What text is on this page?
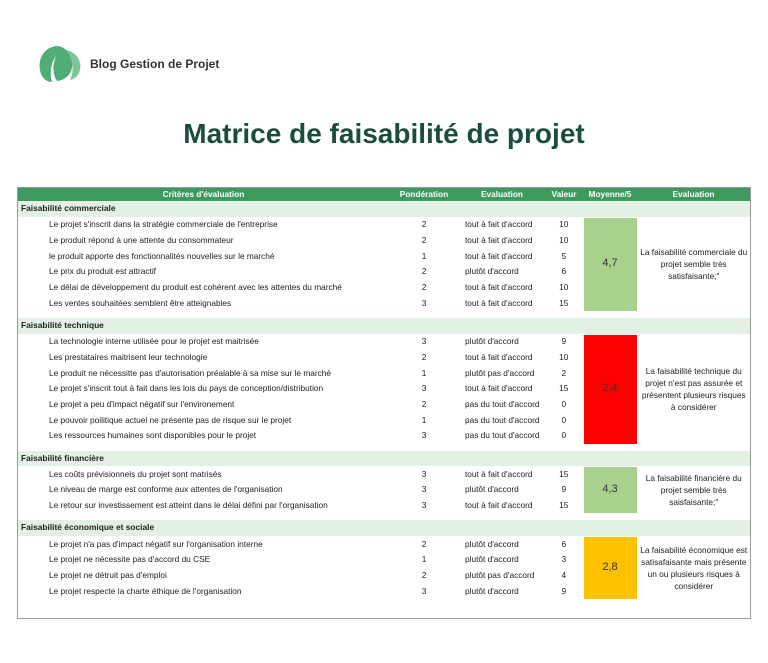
Blog Gestion de Projet
Matrice de faisabilité de projet
Critères d'évaluation	Pondération	Evaluation	Valeur	Moyenne/5	Evaluation
Faisabilité commerciale					
Le projet s'inscrit dans la stratégie commerciale de l'entreprise	2	tout à fait d'accord	10	4,7	La faisabilité commerciale du projet semble très satisfaisante;"
Le produit répond à une attente du consommateur	2	tout à fait d'accord	10		
le produit apporte des fonctionnalités nouvelles sur le marché	1	tout à fait d'accord	5		
Le prix du produit est attractif	2	plutôt d'accord	6		
Le délai de développement du produit est cohérent avec les attentes du marché	2	tout à fait d'accord	10		
Les ventes souhaitées semblent être atteignables	3	tout à fait d'accord	15		

Faisabilité technique					
La technologie interne utilisée pour le projet est maitrisée	3	plutôt d'accord	9	2,4	La faisabilité technique du projet n'est pas assurée et présentent plusieurs risques à considérer
Les prestataires maitrisent leur technologie	2	tout à fait d'accord	10		
Le produit ne nécessitte pas d'autorisation préalable à sa mise sur le marché	1	plutôt pas d'accord	2		
Le projet s'inscrit tout à fait dans les lois du pays de conception/distribution	3	tout à fait d'accord	15		
Le projet a peu d'impact négatif sur l'environement	2	pas du tout d'accord	0		
Le pouvoir poilitique actuel ne présente pas de risque sur le projet	1	pas du tout d'accord	0		
Les ressources humaines sont disponibles pour le projet	3	pas du tout d'accord	0		

Faisabilité financière					
Les coûts prévisionnels du projet sont matrisés	3	tout à fait d'accord	15	4,3	La faisabilité financière du projet semble très saisfaisante;"
Le niveau de marge est conforme aux attentes de l'organisation	3	plutôt d'accord	9		
Le retour sur investissement est atteint dans le délai défini par l'organisation	3	tout à fait d'accord	15		

Faisabilité économique et sociale					
Le projet n'a pas d'impact négatif sur l'organisation interne	2	plutôt d'accord	6	2,8	La faisabilité économique est satisafaisante mais présente un ou plusieurs risques à considérer
Le projet ne nécessite pas d'accord du CSE	1	plutôt d'accord	3		
Le projet ne détruit pas d'emploi	2	plutôt pas d'accord	4		
Le projet respecte la charte éthique de l'organisation	3	plutôt d'accord	9		
